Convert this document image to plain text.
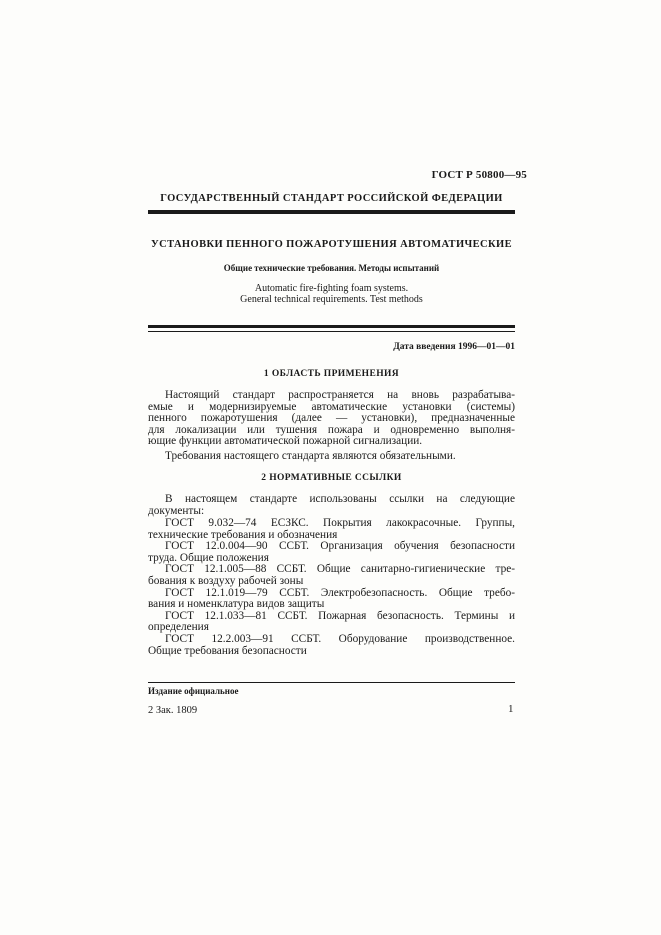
ГОСТ Р 50800—95
ГОСУДАРСТВЕННЫЙ СТАНДАРТ РОССИЙСКОЙ ФЕДЕРАЦИИ
УСТАНОВКИ ПЕННОГО ПОЖАРОТУШЕНИЯ АВТОМАТИЧЕСКИЕ
Общие технические требования. Методы испытаний
Automatic fire-fighting foam systems.
General technical requirements. Test methods
Дата введения 1996—01—01
1 ОБЛАСТЬ ПРИМЕНЕНИЯ
Настоящий стандарт распространяется на вновь разрабатыва-
емые и модернизируемые автоматические установки (системы)
пенного пожаротушения (далее — установки), предназначенные
для локализации или тушения пожара и одновременно выполня-
ющие функции автоматической пожарной сигнализации.
Требования настоящего стандарта являются обязательными.
2 НОРМАТИВНЫЕ ССЫЛКИ
В настоящем стандарте использованы ссылки на следующие
документы:
ГОСТ 9.032—74 ЕСЗКС. Покрытия лакокрасочные. Группы,
технические требования и обозначения
ГОСТ 12.0.004—90 ССБТ. Организация обучения безопасности
труда. Общие положения
ГОСТ 12.1.005—88 ССБТ. Общие санитарно-гигиенические тре-
бования к воздуху рабочей зоны
ГОСТ 12.1.019—79 ССБТ. Электробезопасность. Общие требо-
вания и номенклатура видов защиты
ГОСТ 12.1.033—81 ССБТ. Пожарная безопасность. Термины и
определения
ГОСТ 12.2.003—91 ССБТ. Оборудование производственное.
Общие требования безопасности
Издание официальное
2 Зак. 1809	1
